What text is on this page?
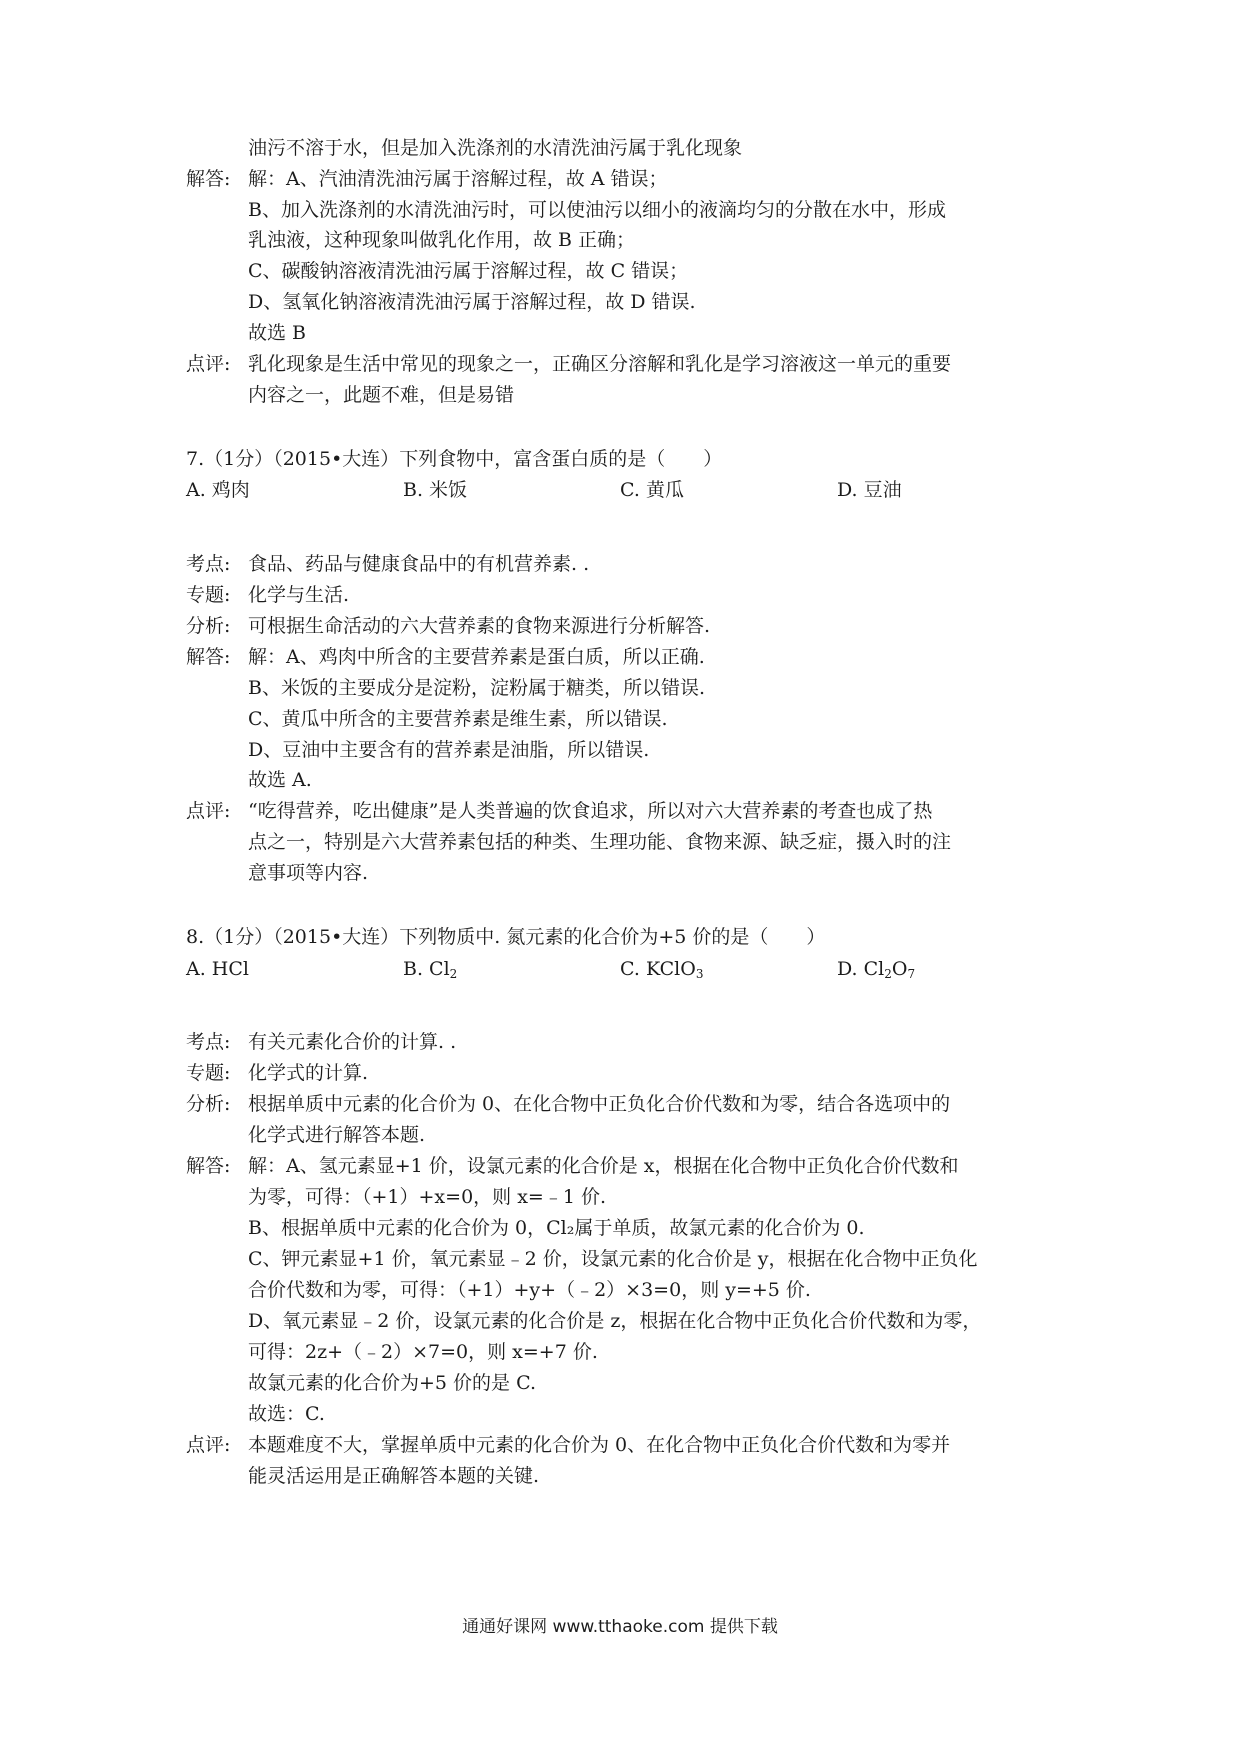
油污不溶于水，但是加入洗涤剂的水清洗油污属于乳化现象
解答: 解：A、汽油清洗油污属于溶解过程，故 A 错误；
B、加入洗涤剂的水清洗油污时，可以使油污以细小的液滴均匀的分散在水中，形成
乳浊液，这种现象叫做乳化作用，故 B 正确；
C、碳酸钠溶液清洗油污属于溶解过程，故 C 错误；
D、氢氧化钠溶液清洗油污属于溶解过程，故 D 错误.
故选 B
点评: 乳化现象是生活中常见的现象之一，正确区分溶解和乳化是学习溶液这一单元的重要
内容之一，此题不难，但是易错
7.（1分）（2015•大连）下列食物中，富含蛋白质的是（　　）
A. 鸡肉	B. 米饭	C. 黄瓜	D. 豆油
考点: 食品、药品与健康食品中的有机营养素. .
专题: 化学与生活.
分析: 可根据生命活动的六大营养素的食物来源进行分析解答.
解答: 解：A、鸡肉中所含的主要营养素是蛋白质，所以正确.
B、米饭的主要成分是淀粉，淀粉属于糖类，所以错误.
C、黄瓜中所含的主要营养素是维生素，所以错误.
D、豆油中主要含有的营养素是油脂，所以错误.
故选 A.
点评: “吃得营养，吃出健康”是人类普遍的饮食追求，所以对六大营养素的考查也成了热
点之一，特别是六大营养素包括的种类、生理功能、食物来源、缺乏症，摄入时的注
意事项等内容.
8.（1分）（2015•大连）下列物质中. 氮元素的化合价为+5 价的是（　　）
A. HCl	B. $Cl_2$	C. KClO$_3$	D. $Cl_2O_7$
考点: 有关元素化合价的计算. .
专题: 化学式的计算.
分析: 根据单质中元素的化合价为 0、在化合物中正负化合价代数和为零，结合各选项中的
化学式进行解答本题.
解答: 解：A、氢元素显+1 价，设氯元素的化合价是 x，根据在化合物中正负化合价代数和
为零，可得：（+1）+x=0，则 x=﹣1 价.
B、根据单质中元素的化合价为 0，Cl₂属于单质，故氯元素的化合价为 0.
C、钾元素显+1 价，氧元素显﹣2 价，设氯元素的化合价是 y，根据在化合物中正负化
合价代数和为零，可得：（+1）+y+（﹣2）×3=0，则 y=+5 价.
D、氧元素显﹣2 价，设氯元素的化合价是 z，根据在化合物中正负化合价代数和为零，
可得：2z+（﹣2）×7=0，则 x=+7 价.
故氯元素的化合价为+5 价的是 C.
故选：C.
点评: 本题难度不大，掌握单质中元素的化合价为 0、在化合物中正负化合价代数和为零并
能灵活运用是正确解答本题的关键.
通通好课网 www.tthaoke.com 提供下载
